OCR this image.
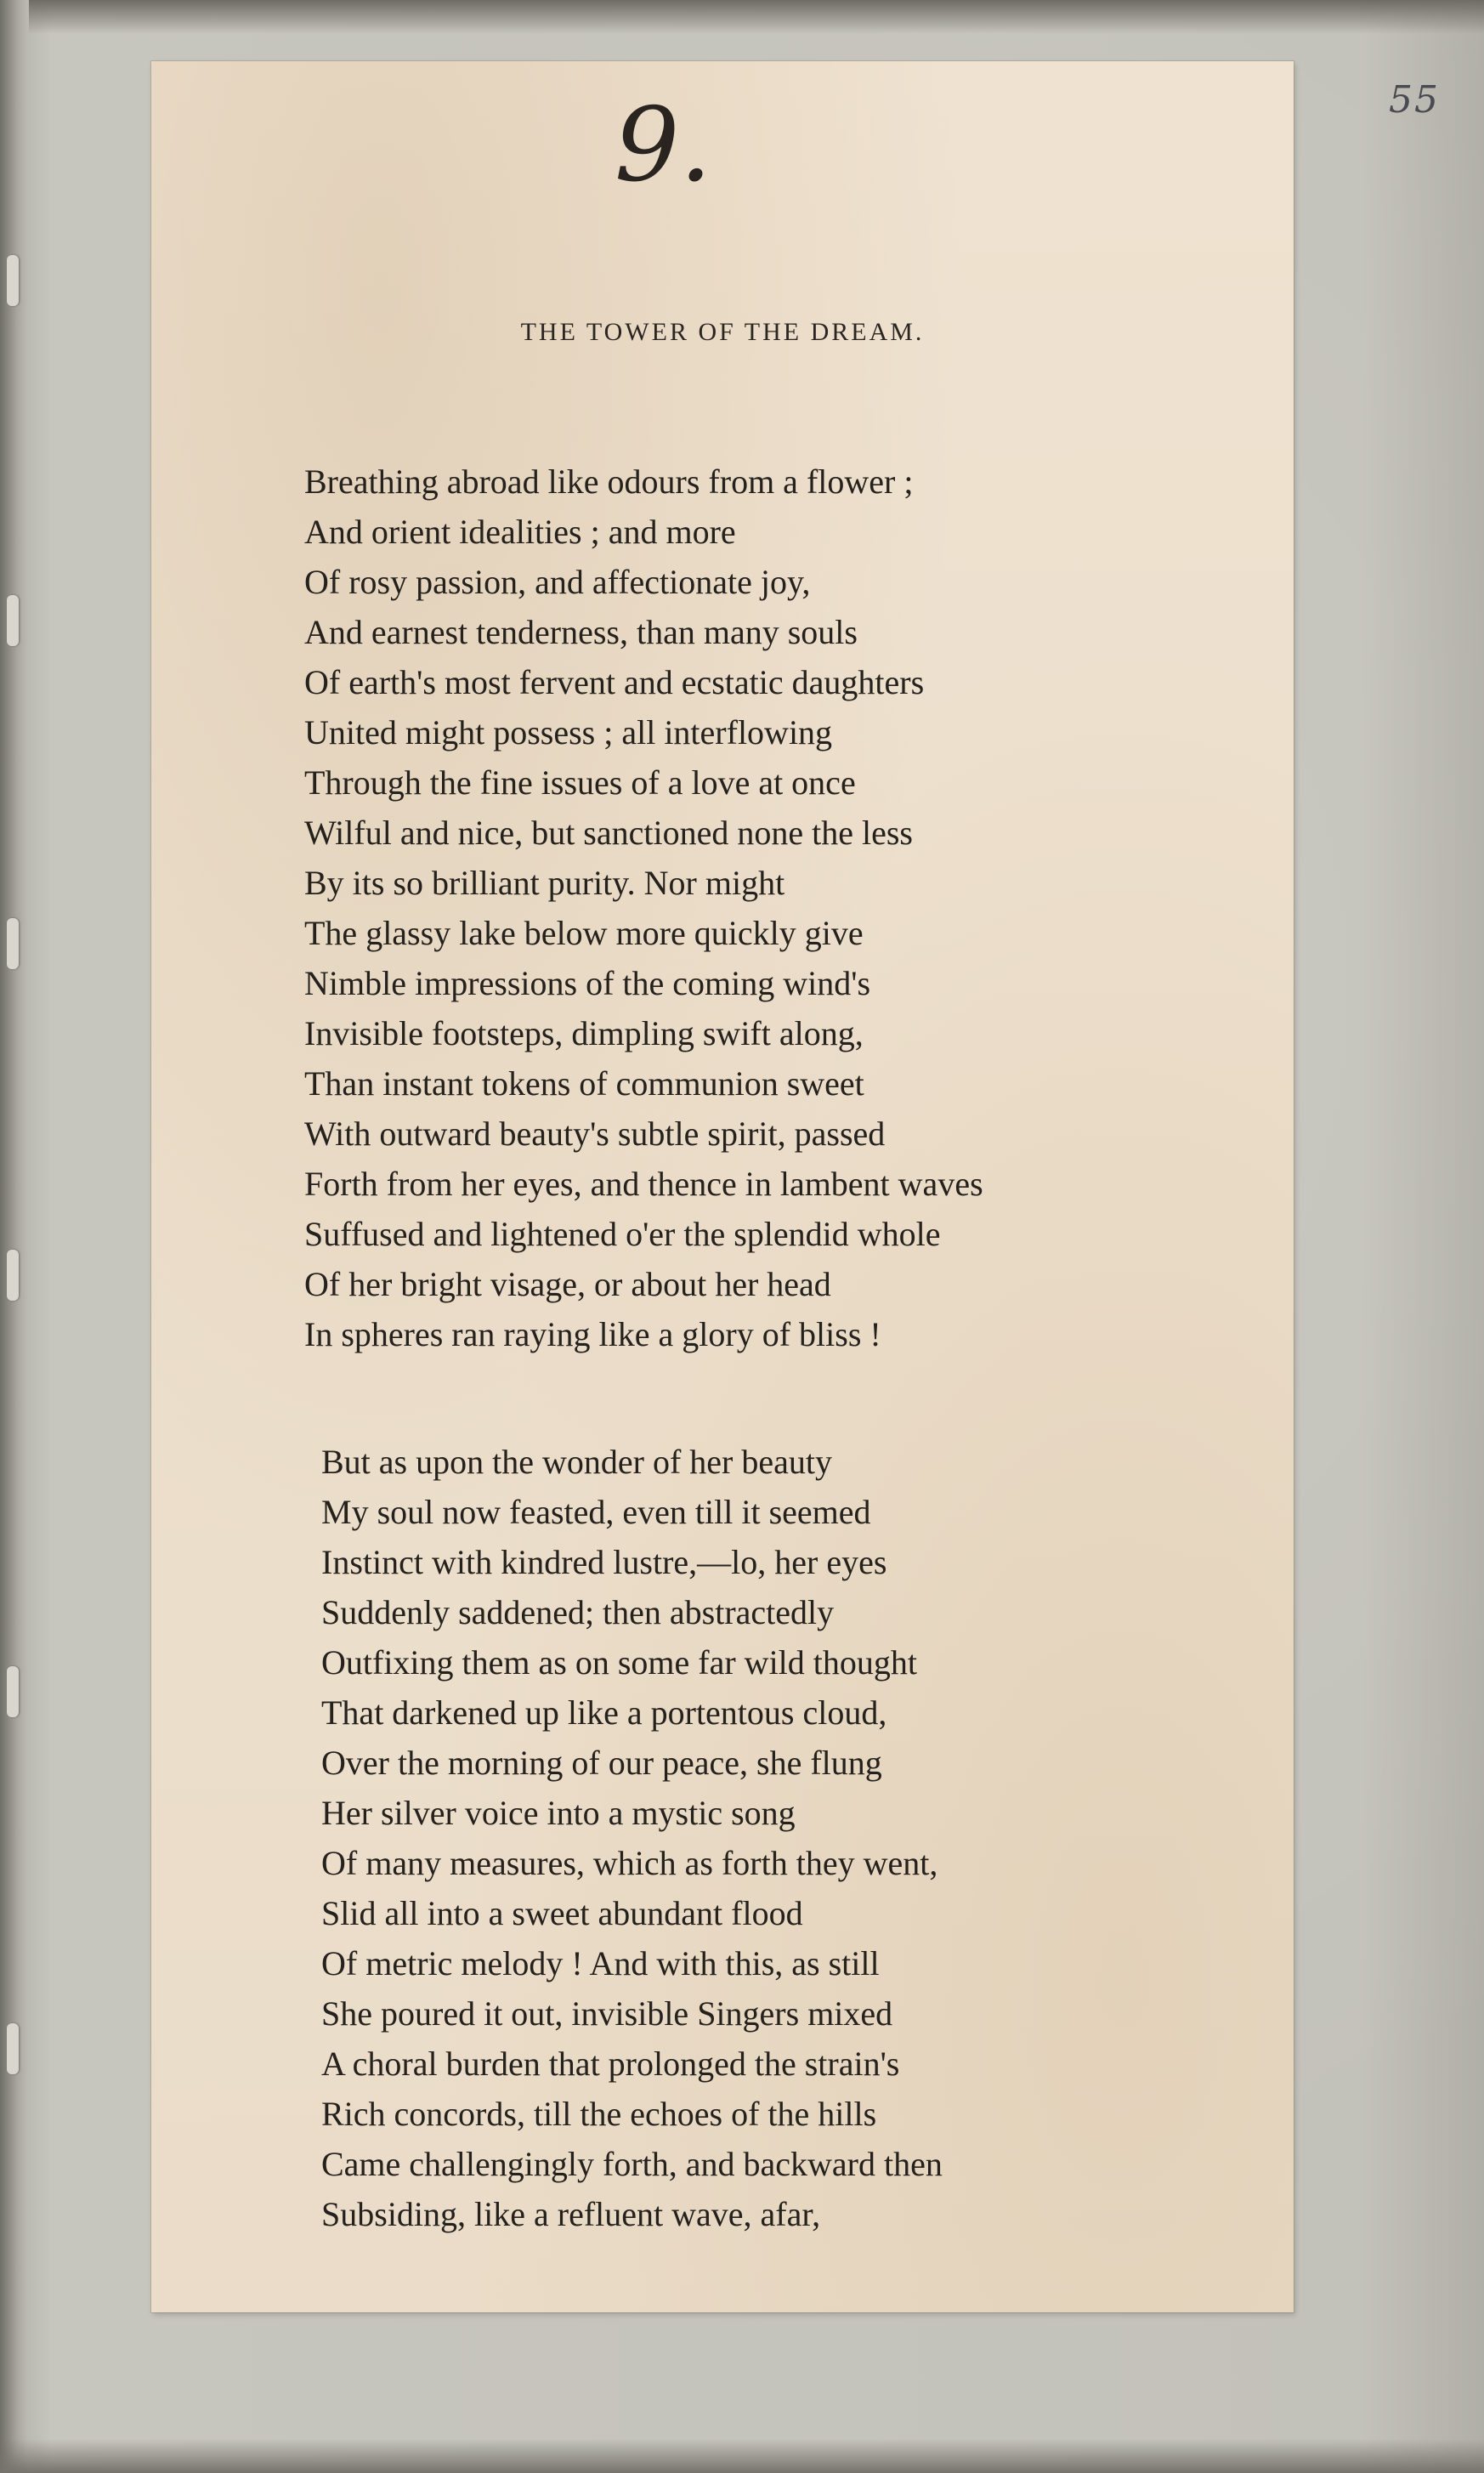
55
9.
THE TOWER OF THE DREAM.
Breathing abroad like odours from a flower ;
And orient idealities ; and more
Of rosy passion, and affectionate joy,
And earnest tenderness, than many souls
Of earth's most fervent and ecstatic daughters
United might possess ; all interflowing
Through the fine issues of a love at once
Wilful and nice, but sanctioned none the less
By its so brilliant purity. Nor might
The glassy lake below more quickly give
Nimble impressions of the coming wind's
Invisible footsteps, dimpling swift along,
Than instant tokens of communion sweet
With outward beauty's subtle spirit, passed
Forth from her eyes, and thence in lambent waves
Suffused and lightened o'er the splendid whole
Of her bright visage, or about her head
In spheres ran raying like a glory of bliss !
But as upon the wonder of her beauty
My soul now feasted, even till it seemed
Instinct with kindred lustre,—lo, her eyes
Suddenly saddened; then abstractedly
Outfixing them as on some far wild thought
That darkened up like a portentous cloud,
Over the morning of our peace, she flung
Her silver voice into a mystic song
Of many measures, which as forth they went,
Slid all into a sweet abundant flood
Of metric melody ! And with this, as still
She poured it out, invisible Singers mixed
A choral burden that prolonged the strain's
Rich concords, till the echoes of the hills
Came challengingly forth, and backward then
Subsiding, like a refluent wave, afar,
